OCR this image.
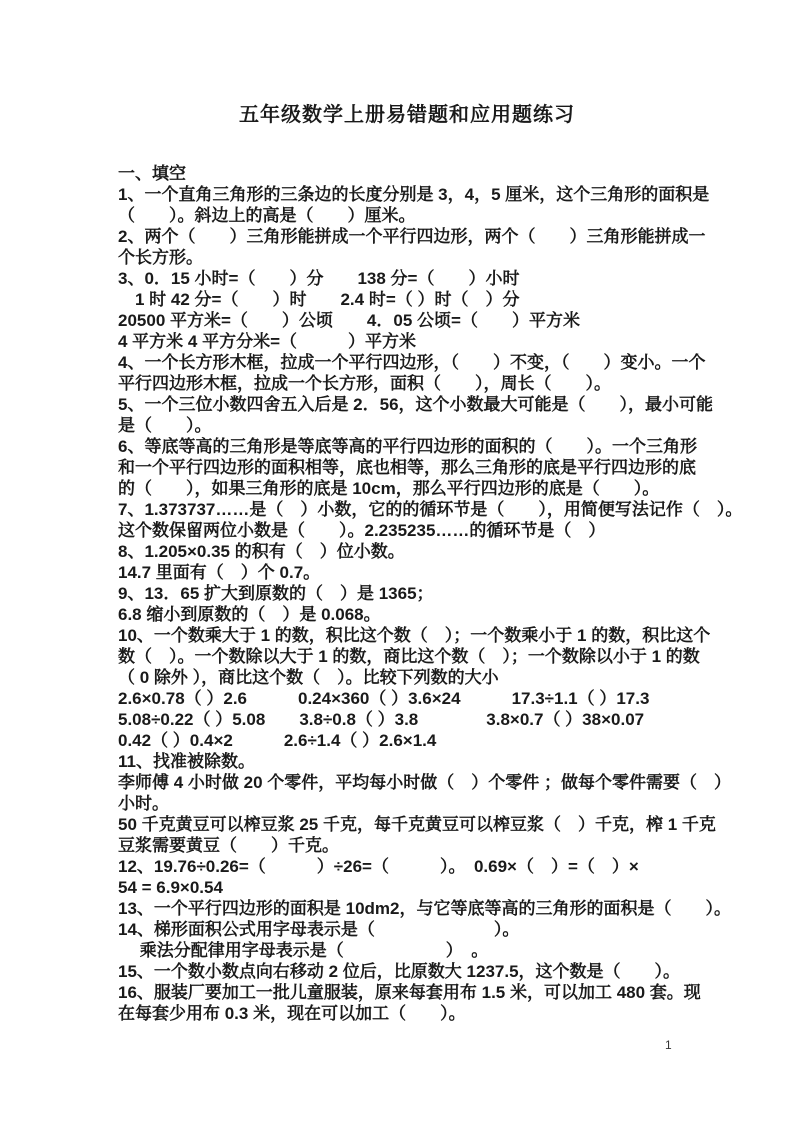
五年级数学上册易错题和应用题练习
一、填空
1、一个直角三角形的三条边的长度分别是 3，4，5 厘米，这个三角形的面积是
（　　）。斜边上的高是（　　）厘米。
2、两个（　　）三角形能拼成一个平行四边形，两个（　　）三角形能拼成一
个长方形。
3、0．15 小时=（　　）分　　138 分=（　　）小时
　1 时 42 分=（　　）时　　2.4 时=（ ）时（　）分
20500 平方米=（　　）公顷　　4．05 公顷=（　　）平方米
4 平方米 4 平方分米=（　　　）平方米
4、一个长方形木框，拉成一个平行四边形，（　　）不变，（　　）变小。一个
平行四边形木框，拉成一个长方形，面积（　　），周长（　　）。
5、一个三位小数四舍五入后是 2．56，这个小数最大可能是（　　），最小可能
是（　　）。
6、等底等高的三角形是等底等高的平行四边形的面积的（　　）。一个三角形
和一个平行四边形的面积相等，底也相等，那么三角形的底是平行四边形的底
的（　　），如果三角形的底是 10cm，那么平行四边形的底是（　　）。
7、1.373737……是（　）小数，它的的循环节是（　　），用简便写法记作（　）。
这个数保留两位小数是（　　）。2.235235……的循环节是（　）
8、1.205×0.35 的积有（　）位小数。
14.7 里面有（　）个 0.7。
9、13．65 扩大到原数的（　）是 1365；
6.8 缩小到原数的（　）是 0.068。
10、一个数乘大于 1 的数，积比这个数（　）；一个数乘小于 1 的数，积比这个
数（　）。一个数除以大于 1 的数，商比这个数（　）；一个数除以小于 1 的数
（ 0 除外 ），商比这个数（　）。比较下列数的大小
2.6×0.78（ ）2.6　　　0.24×360（ ）3.6×24　　　17.3÷1.1（ ）17.3
5.08÷0.22（ ）5.08　　3.8÷0.8（ ）3.8　　　　3.8×0.7（ ）38×0.07
0.42（ ）0.4×2　　　2.6÷1.4（ ）2.6×1.4
11、找准被除数。
李师傅 4 小时做 20 个零件，平均每小时做（　）个零件 ；做每个零件需要（　）
小时。
50 千克黄豆可以榨豆浆 25 千克，每千克黄豆可以榨豆浆（　）千克，榨 1 千克
豆浆需要黄豆（　　）千克。
12、19.76÷0.26=（　　　）÷26=（　　　）。　0.69×（　）=（　）×
54 = 6.9×0.54
13、一个平行四边形的面积是 10dm2，与它等底等高的三角形的面积是（　　）。
14、梯形面积公式用字母表示是（　　　　　　　）。
　 乘法分配律用字母表示是（　　　　　　）　。
15、一个数小数点向右移动 2 位后，比原数大 1237.5，这个数是（　　）。
16、服装厂要加工一批儿童服装，原来每套用布 1.5 米，可以加工 480 套。现
在每套少用布 0.3 米，现在可以加工（　　）。
1
